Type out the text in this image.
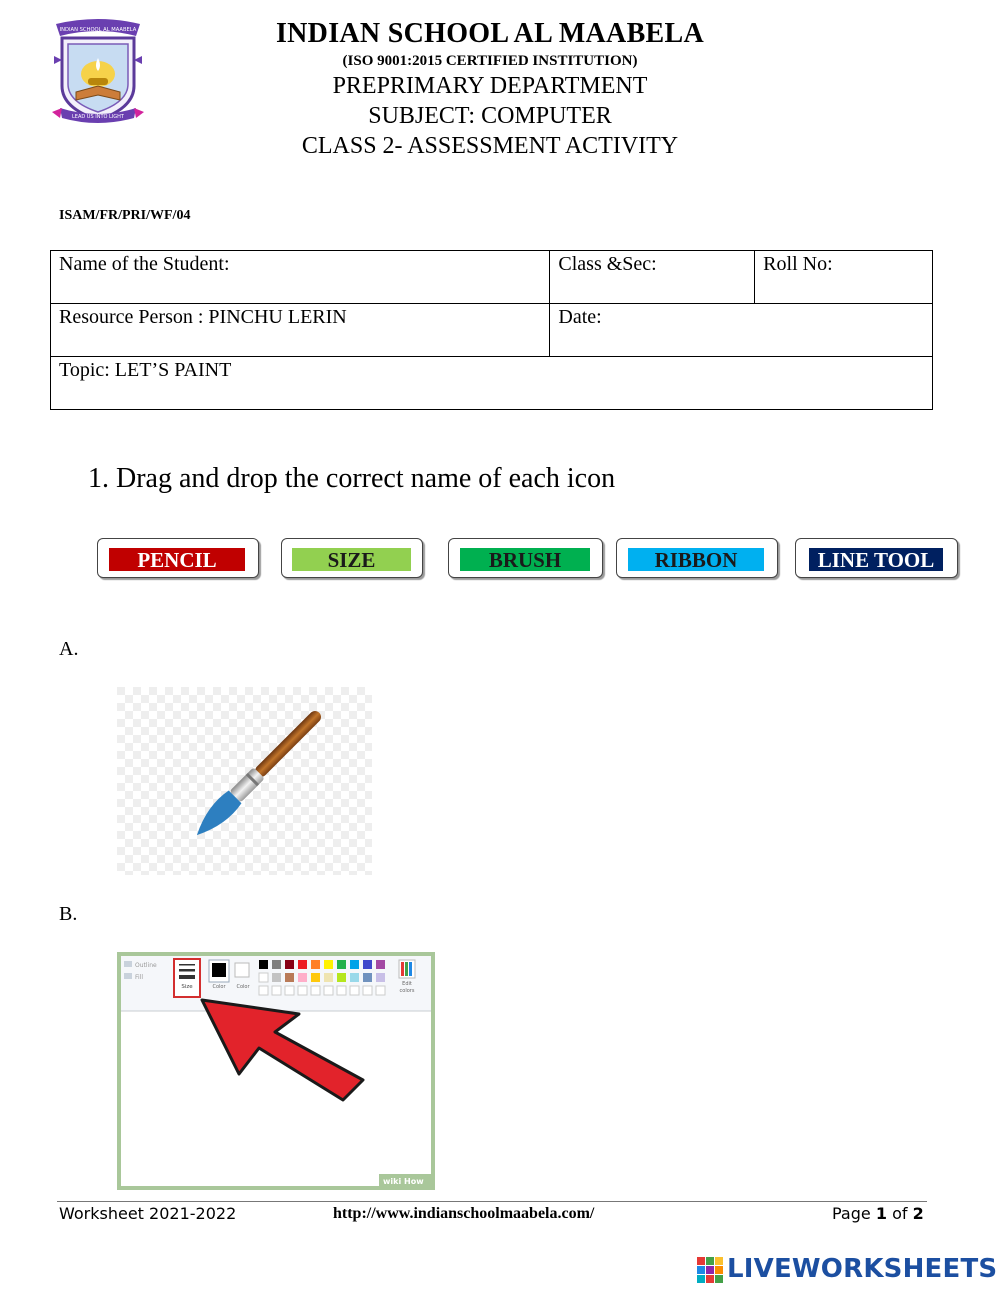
INDIAN SCHOOL AL MAABELA
LEAD US INTO LIGHT
INDIAN SCHOOL AL MAABELA
(ISO 9001:2015 CERTIFIED INSTITUTION)
PREPRIMARY DEPARTMENT
SUBJECT: COMPUTER
CLASS 2- ASSESSMENT ACTIVITY
ISAM/FR/PRI/WF/04
Name of the Student:	Class &Sec:	Roll No:
Resource Person : PINCHU LERIN	Date:	
Topic: LET’S PAINT		
1. Drag and drop the correct name of each icon
PENCIL	SIZE	BRUSH	RIBBON	LINE TOOL
A.
B.
Outline
Fill
Size	Color Color	Edit
colors
wiki How
Worksheet 2021-2022	http://www.indianschoolmaabela.com/	Page 1 of 2
LIVEWORKSHEETS
